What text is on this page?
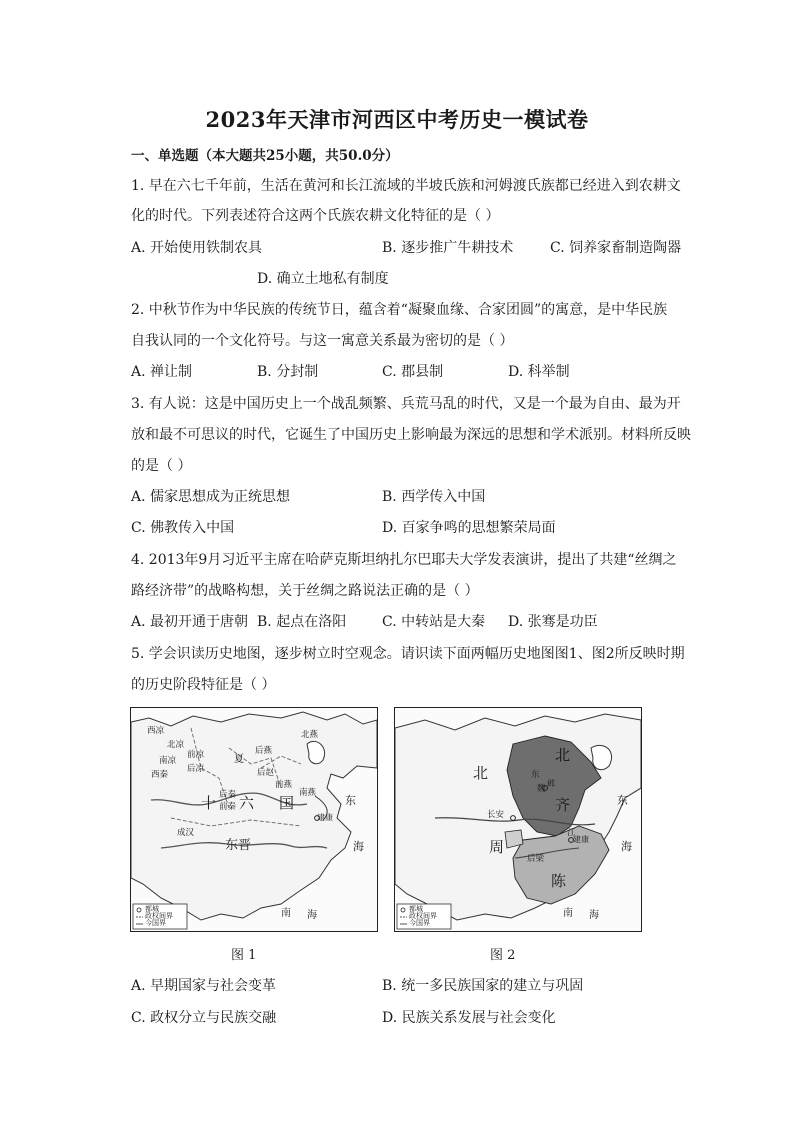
2023年天津市河西区中考历史一模试卷
一、单选题（本大题共25小题，共50.0分）
1. 早在六七千年前，生活在黄河和长江流域的半坡氏族和河姆渡氏族都已经进入到农耕文
化的时代。下列表述符合这两个氏族农耕文化特征的是（ ）
A. 开始使用铁制农具	B. 逐步推广牛耕技术	C. 饲养家畜制造陶器
D. 确立土地私有制度
2. 中秋节作为中华民族的传统节日，蕴含着“凝聚血缘、合家团圆”的寓意，是中华民族
自我认同的一个文化符号。与这一寓意关系最为密切的是（ ）
A. 禅让制	B. 分封制	C. 郡县制	D. 科举制
3. 有人说：这是中国历史上一个战乱频繁、兵荒马乱的时代，又是一个最为自由、最为开
放和最不可思议的时代，它诞生了中国历史上影响最为深远的思想和学术派别。材料所反映
的是（ ）
A. 儒家思想成为正统思想	B. 西学传入中国
C. 佛教传入中国	D. 百家争鸣的思想繁荣局面
4. 2013年9月习近平主席在哈萨克斯坦纳扎尔巴耶夫大学发表演讲，提出了共建“丝绸之
路经济带”的战略构想，关于丝绸之路说法正确的是（ ）
A. 最初开通于唐朝 B. 起点在洛阳	C. 中转站是大秦 D. 张骞是功臣
5. 学会识读历史地图，逐步树立时空观念。请识读下面两幅历史地图图1、图2所反映时期
的历史阶段特征是（ ）
西凉
北凉
南凉
西秦
前凉
后凉
夏
后燕
前燕
北燕
南燕
后秦
前秦
后赵
成汉
十 六 国
东晋
建康
东
海
南 海
都城
政权间界
今国界
图 1
北
北
东
魏
齐	东
海
长安
邺
江
建康
周
后梁
陈
南 海
都城
政权间界
今国界
图 2
A. 早期国家与社会变革	B. 统一多民族国家的建立与巩固
C. 政权分立与民族交融	D. 民族关系发展与社会变化
